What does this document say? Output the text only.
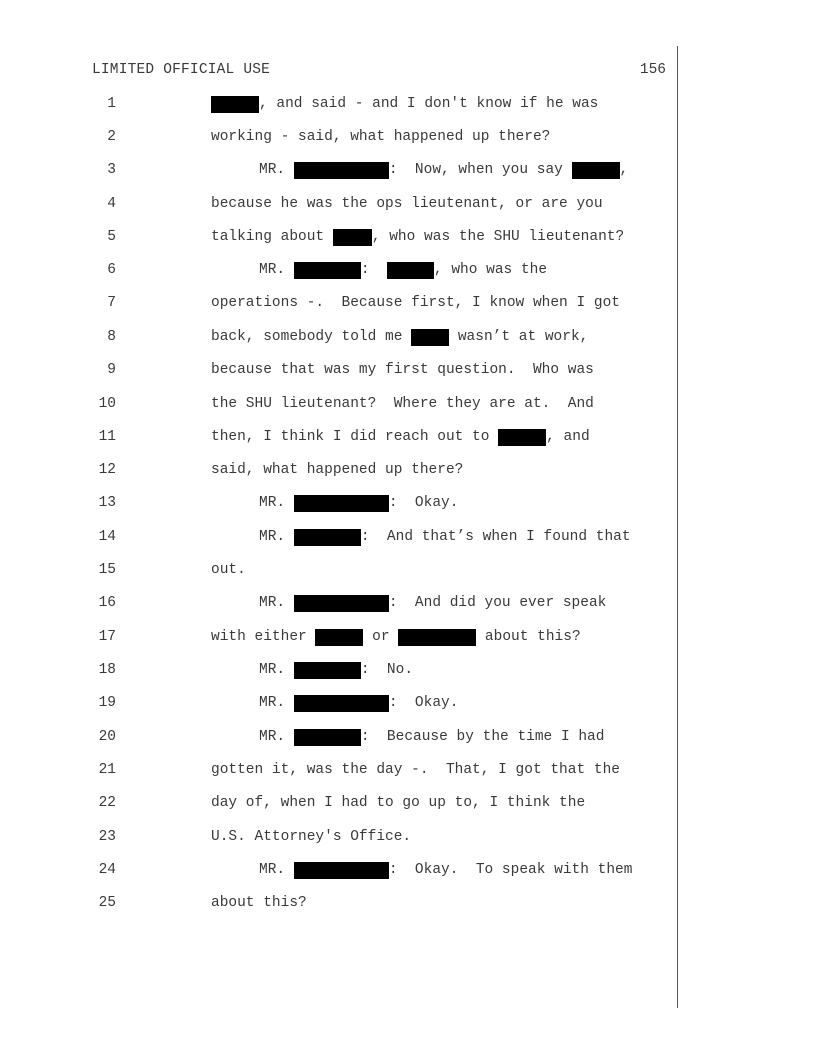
LIMITED OFFICIAL USE	156
1	, and said - and I don't know if he was
2	working - said, what happened up there?
3	MR.	:  Now, when you say	,
4	because he was the ops lieutenant, or are you
5	talking about	, who was the SHU lieutenant?
6	MR.	:	, who was the
7	operations -.  Because first, I know when I got
8	back, somebody told me	wasn’t at work,
9	because that was my first question.  Who was
10	the SHU lieutenant?  Where they are at.  And
11	then, I think I did reach out to	, and
12	said, what happened up there?
13	MR.	:  Okay.
14	MR.	:  And that’s when I found that
15	out.
16	MR.	:  And did you ever speak
17	with either	or	about this?
18	MR.	:  No.
19	MR.	:  Okay.
20	MR.	:  Because by the time I had
21	gotten it, was the day -.  That, I got that the
22	day of, when I had to go up to, I think the
23	U.S. Attorney's Office.
24	MR.	:  Okay.  To speak with them
25	about this?
